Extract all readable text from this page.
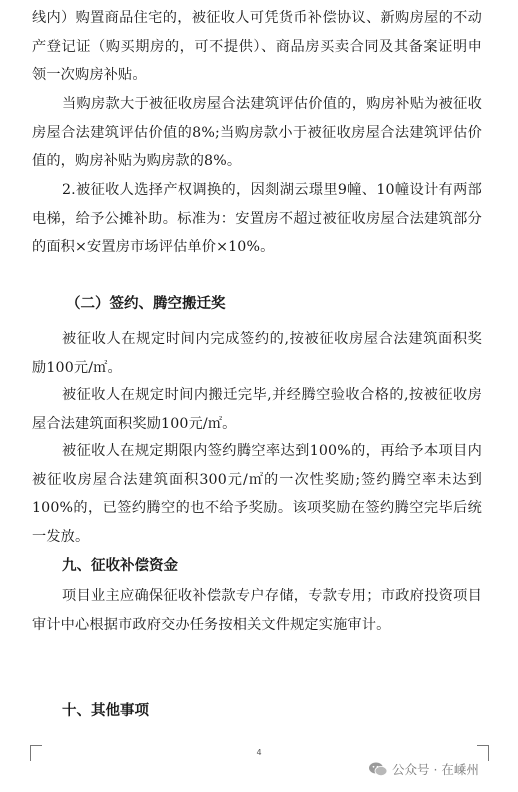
线内）购置商品住宅的，被征收人可凭货币补偿协议、新购房屋的不动产登记证（购买期房的，可不提供）、商品房买卖合同及其备案证明申领一次购房补贴。

当购房款大于被征收房屋合法建筑评估价值的，购房补贴为被征收房屋合法建筑评估价值的8%;当购房款小于被征收房屋合法建筑评估价值的，购房补贴为购房款的8%。

2.被征收人选择产权调换的，因剡湖云璟里9幢、10幢设计有两部电梯，给予公摊补助。标准为：安置房不超过被征收房屋合法建筑部分的面积×安置房市场评估单价×10%。

（二）签约、腾空搬迁奖

被征收人在规定时间内完成签约的,按被征收房屋合法建筑面积奖励100元/㎡。

被征收人在规定时间内搬迁完毕,并经腾空验收合格的,按被征收房屋合法建筑面积奖励100元/㎡。

被征收人在规定期限内签约腾空率达到100%的，再给予本项目内被征收房屋合法建筑面积300元/㎡的一次性奖励;签约腾空率未达到100%的，已签约腾空的也不给予奖励。该项奖励在签约腾空完毕后统一发放。

九、征收补偿资金

项目业主应确保征收补偿款专户存储，专款专用；市政府投资项目审计中心根据市政府交办任务按相关文件规定实施审计。

十、其他事项
4
公众号 · 在嵊州
